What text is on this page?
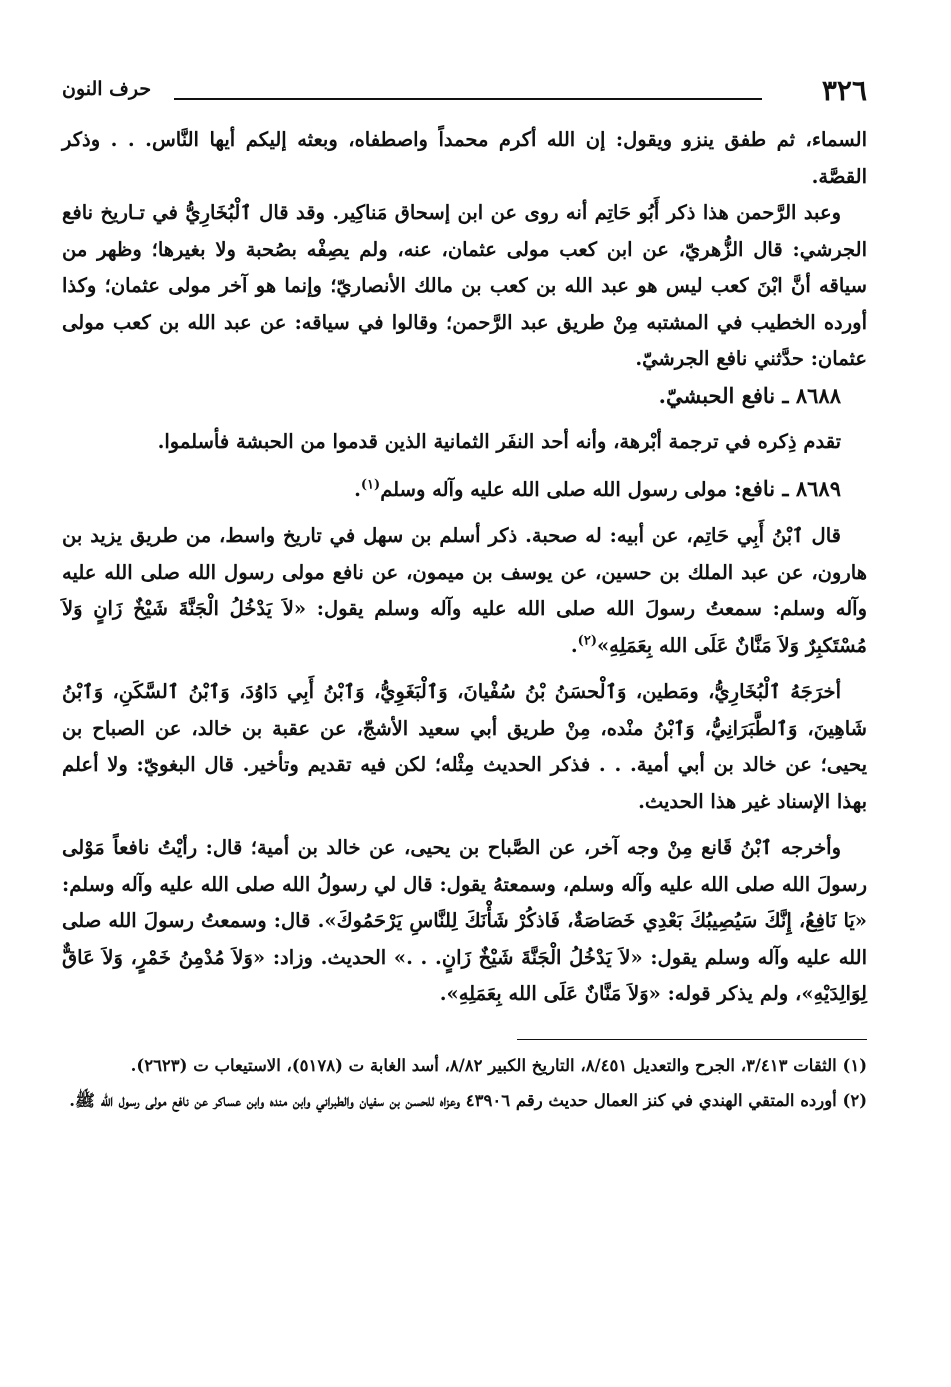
٣٢٦
حرف النون

السماء، ثم طفق ينزو ويقول: إن الله أكرم محمداً واصطفاه، وبعثه إليكم أيها النَّاس. . . وذكر القصَّة.

وعبد الرَّحمن هذا ذكر أَبُو حَاتِم أنه روى عن ابن إسحاق مَناكِير. وقد قال ٱلْبُخَارِيُّ في تـاريخ نافع الجرشي: قال الزُّهريّ، عن ابن كعب مولى عثمان، عنه، ولم يصِفْه بصُحبة ولا بغيرها؛ وظهر من سياقه أنَّ ابْنَ كعب ليس هو عبد الله بن كعب بن مالك الأنصاريّ؛ وإنما هو آخر مولى عثمان؛ وكذا أورده الخطيب في المشتبه مِنْ طريق عبد الرَّحمن؛ وقالوا في سياقه: عن عبد الله بن كعب مولى عثمان: حدَّثني نافع الجرشيّ.

٨٦٨٨ ـ نافع الحبشيّ.

تقدم ذِكره في ترجمة أبْرهة، وأنه أحد النفَر الثمانية الذين قدموا من الحبشة فأسلموا.

٨٦٨٩ ـ نافع: مولى رسول الله صلى الله عليه وآله وسلم$^{(١)}$.

قال ٱبْنُ أَبِي حَاتِم، عن أبيه: له صحبة. ذكر أسلم بن سهل في تاريخ واسط، من طريق يزيد بن هارون، عن عبد الملك بن حسين، عن يوسف بن ميمون، عن نافع مولى رسول الله صلى الله عليه وآله وسلم: سمعتُ رسولَ الله صلى الله عليه وآله وسلم يقول: «لاَ يَدْخُلُ الْجَنَّةَ شَيْخٌ زَانٍ وَلاَ مُسْتَكبِرٌ وَلاَ مَنَّانٌ عَلَى الله بِعَمَلِهِ»$^{(٢)}$.

أخرَجَهُ ٱلْبُخَارِيُّ، ومَطين، وَٱلْحسَنُ بْنُ سُفْيانَ، وَٱلْبَغَوِيُّ، وَٱبْنُ أَبِي دَاوُدَ، وَٱبْنُ ٱلسَّكَنِ، وَٱبْنُ شَاهِينَ، وَٱلطَّبَرَانِيُّ، وَٱبْنُ منْده، مِنْ طريق أبي سعيد الأشجّ، عن عقبة بن خالد، عن الصباح بن يحيى؛ عن خالد بن أبي أمية. . . فذكر الحديث مِثْله؛ لكن فيه تقديم وتأخير. قال البغويّ: ولا أعلم بهذا الإسناد غير هذا الحديث.

وأخرجه ٱبْنُ قَانع مِنْ وجه آخر، عن الصَّباح بن يحيى، عن خالد بن أمية؛ قال: رأيْتُ نافعاً مَوْلى رسولَ الله صلى الله عليه وآله وسلم، وسمعتهُ يقول: قال لي رسولُ الله صلى الله عليه وآله وسلم: «يَا نَافِعُ، إِنَّكَ سَيُصِيبُكَ بَعْدِي خَصَاصَةٌ، فَاذكُرْ شَأْنَكَ لِلنَّاسِ يَرْحَمُوكَ». قال: وسمعتُ رسولَ الله صلى الله عليه وآله وسلم يقول: «لاَ يَدْخُلُ الْجَنَّةَ شَيْخٌ زَانٍ. . .» الحديث. وزاد: «وَلاَ مُدْمِنُ خَمْرٍ، وَلاَ عَاقٌّ لِوَالِدَيْهِ»، ولم يذكر قوله: «وَلاَ مَنَّانٌ عَلَى الله بِعَمَلِهِ».

(١) الثقات ٣/٤١٣، الجرح والتعديل ٨/٤٥١، التاريخ الكبير ٨/٨٢، أسد الغابة ت (٥١٧٨)، الاستيعاب ت (٢٦٢٣).

(٢) أورده المتقي الهندي في كنز العمال حديث رقم ٤٣٩٠٦ وعزاه للحسن بن سفيان والطبراني وابن منده وابن عساكر عن نافع مولى رسول الله ﷺ.
